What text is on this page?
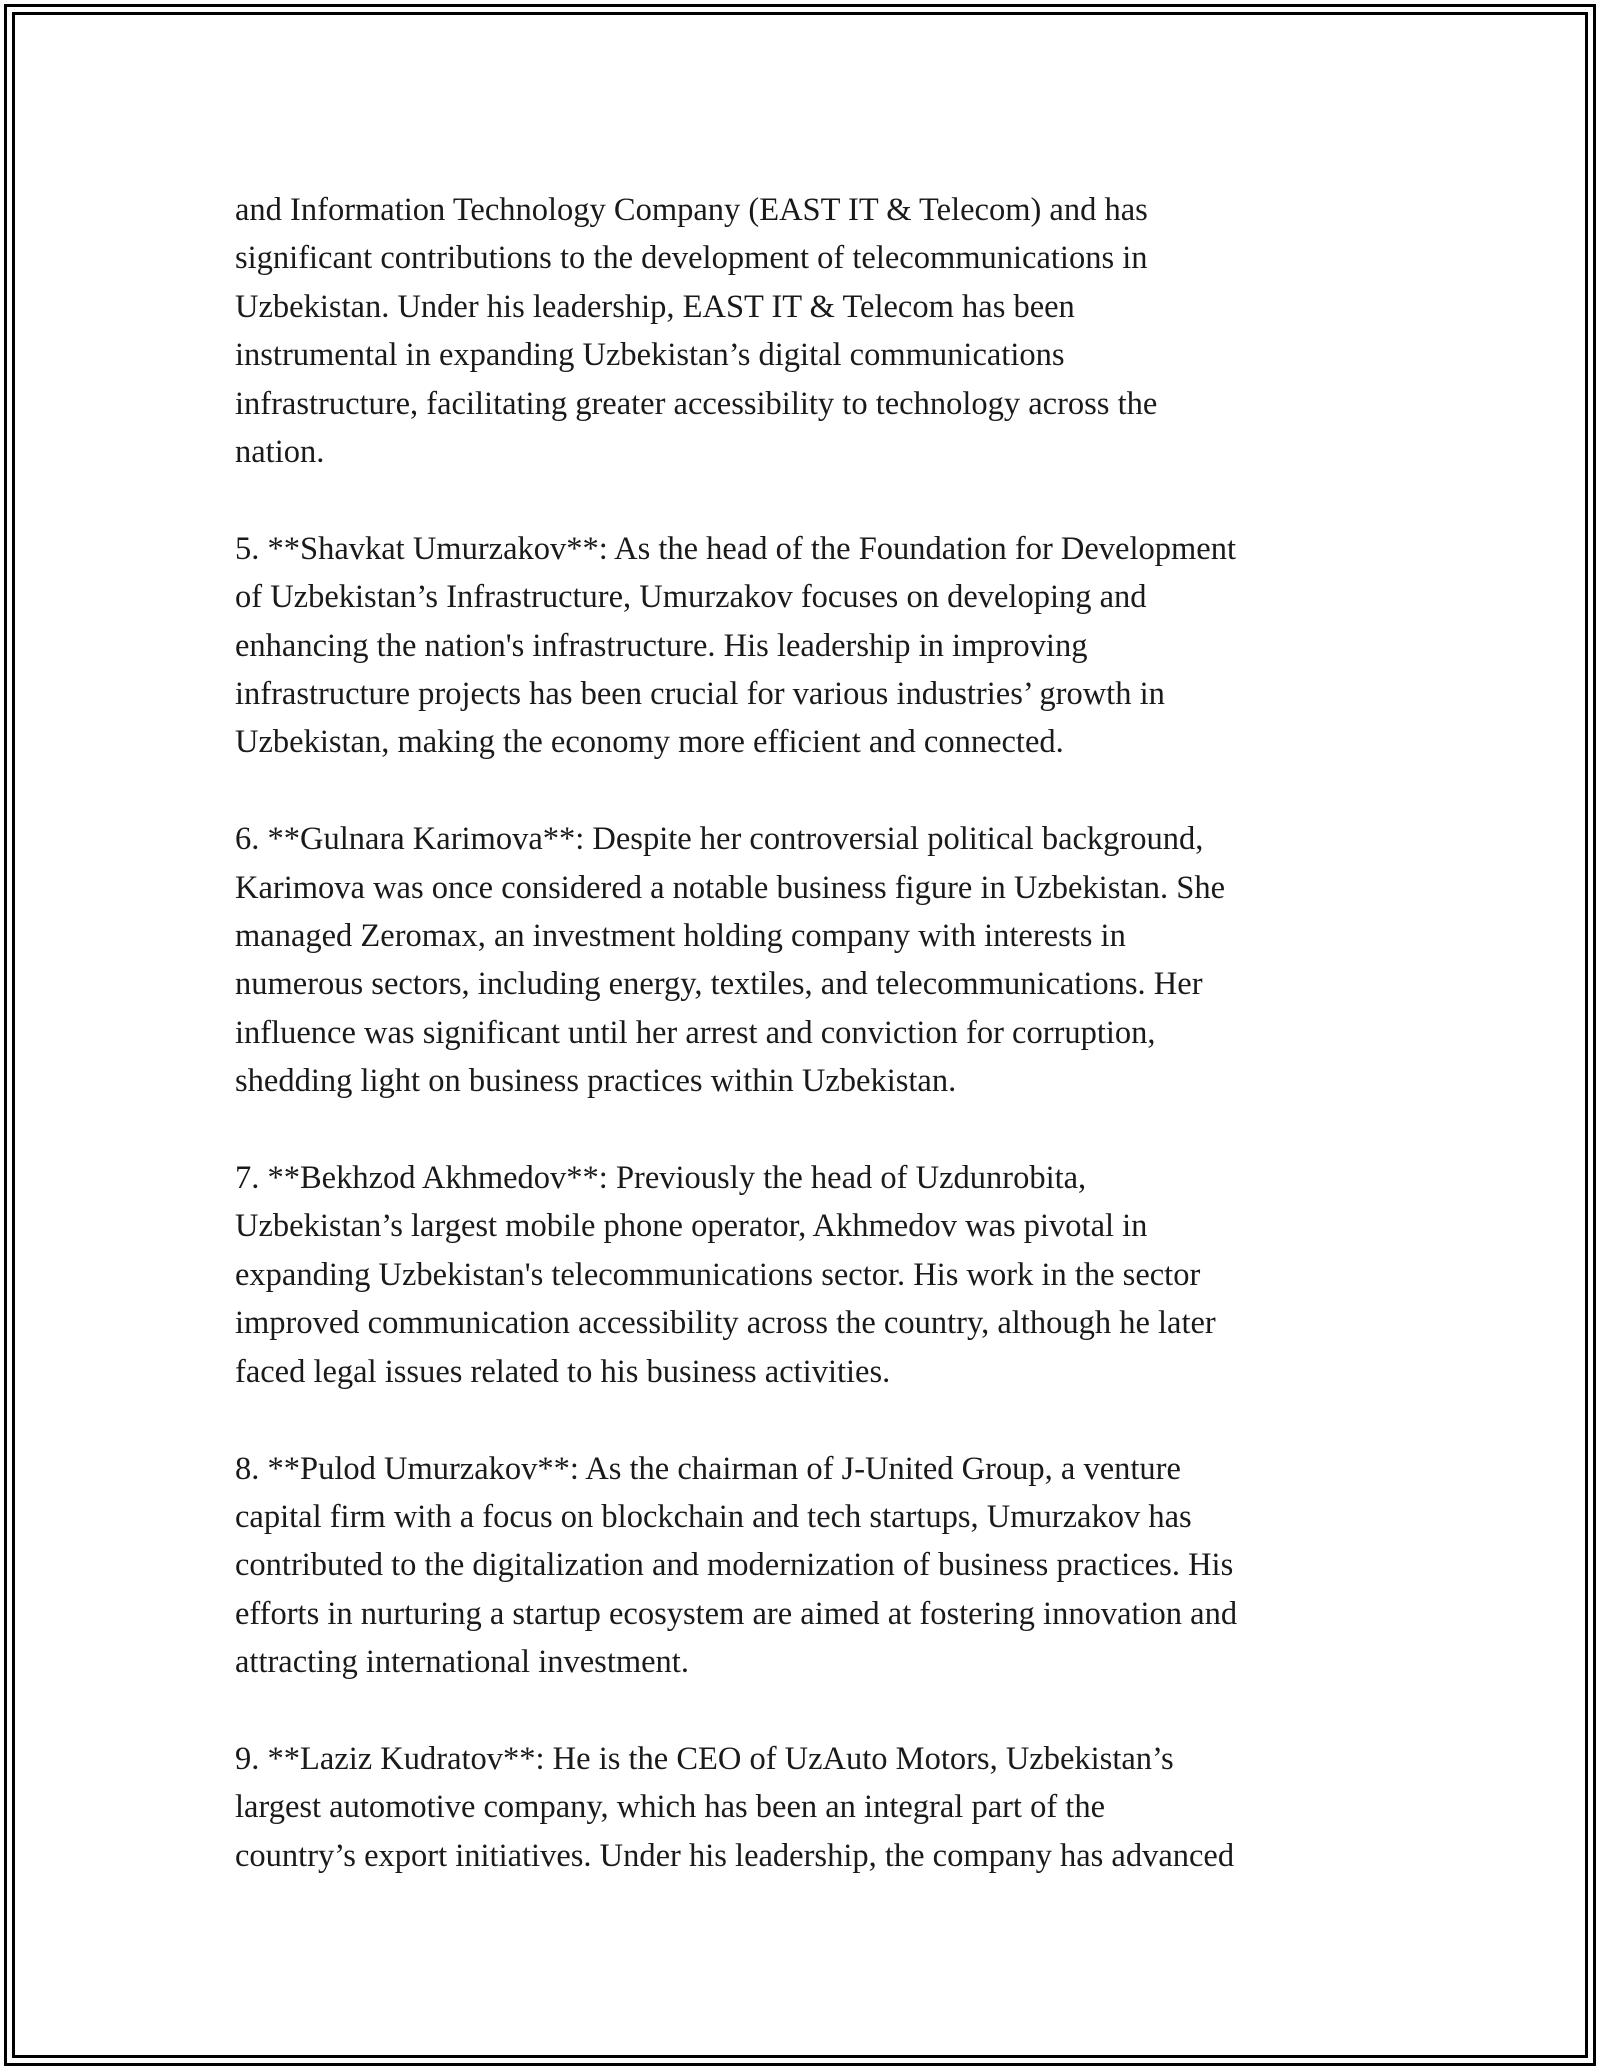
and Information Technology Company (EAST IT & Telecom) and has
significant contributions to the development of telecommunications in
Uzbekistan. Under his leadership, EAST IT & Telecom has been
instrumental in expanding Uzbekistan’s digital communications
infrastructure, facilitating greater accessibility to technology across the
nation.

5. **Shavkat Umurzakov**: As the head of the Foundation for Development
of Uzbekistan’s Infrastructure, Umurzakov focuses on developing and
enhancing the nation's infrastructure. His leadership in improving
infrastructure projects has been crucial for various industries’ growth in
Uzbekistan, making the economy more efficient and connected.

6. **Gulnara Karimova**: Despite her controversial political background,
Karimova was once considered a notable business figure in Uzbekistan. She
managed Zeromax, an investment holding company with interests in
numerous sectors, including energy, textiles, and telecommunications. Her
influence was significant until her arrest and conviction for corruption,
shedding light on business practices within Uzbekistan.

7. **Bekhzod Akhmedov**: Previously the head of Uzdunrobita,
Uzbekistan’s largest mobile phone operator, Akhmedov was pivotal in
expanding Uzbekistan's telecommunications sector. His work in the sector
improved communication accessibility across the country, although he later
faced legal issues related to his business activities.

8. **Pulod Umurzakov**: As the chairman of J-United Group, a venture
capital firm with a focus on blockchain and tech startups, Umurzakov has
contributed to the digitalization and modernization of business practices. His
efforts in nurturing a startup ecosystem are aimed at fostering innovation and
attracting international investment.

9. **Laziz Kudratov**: He is the CEO of UzAuto Motors, Uzbekistan’s
largest automotive company, which has been an integral part of the
country’s export initiatives. Under his leadership, the company has advanced
